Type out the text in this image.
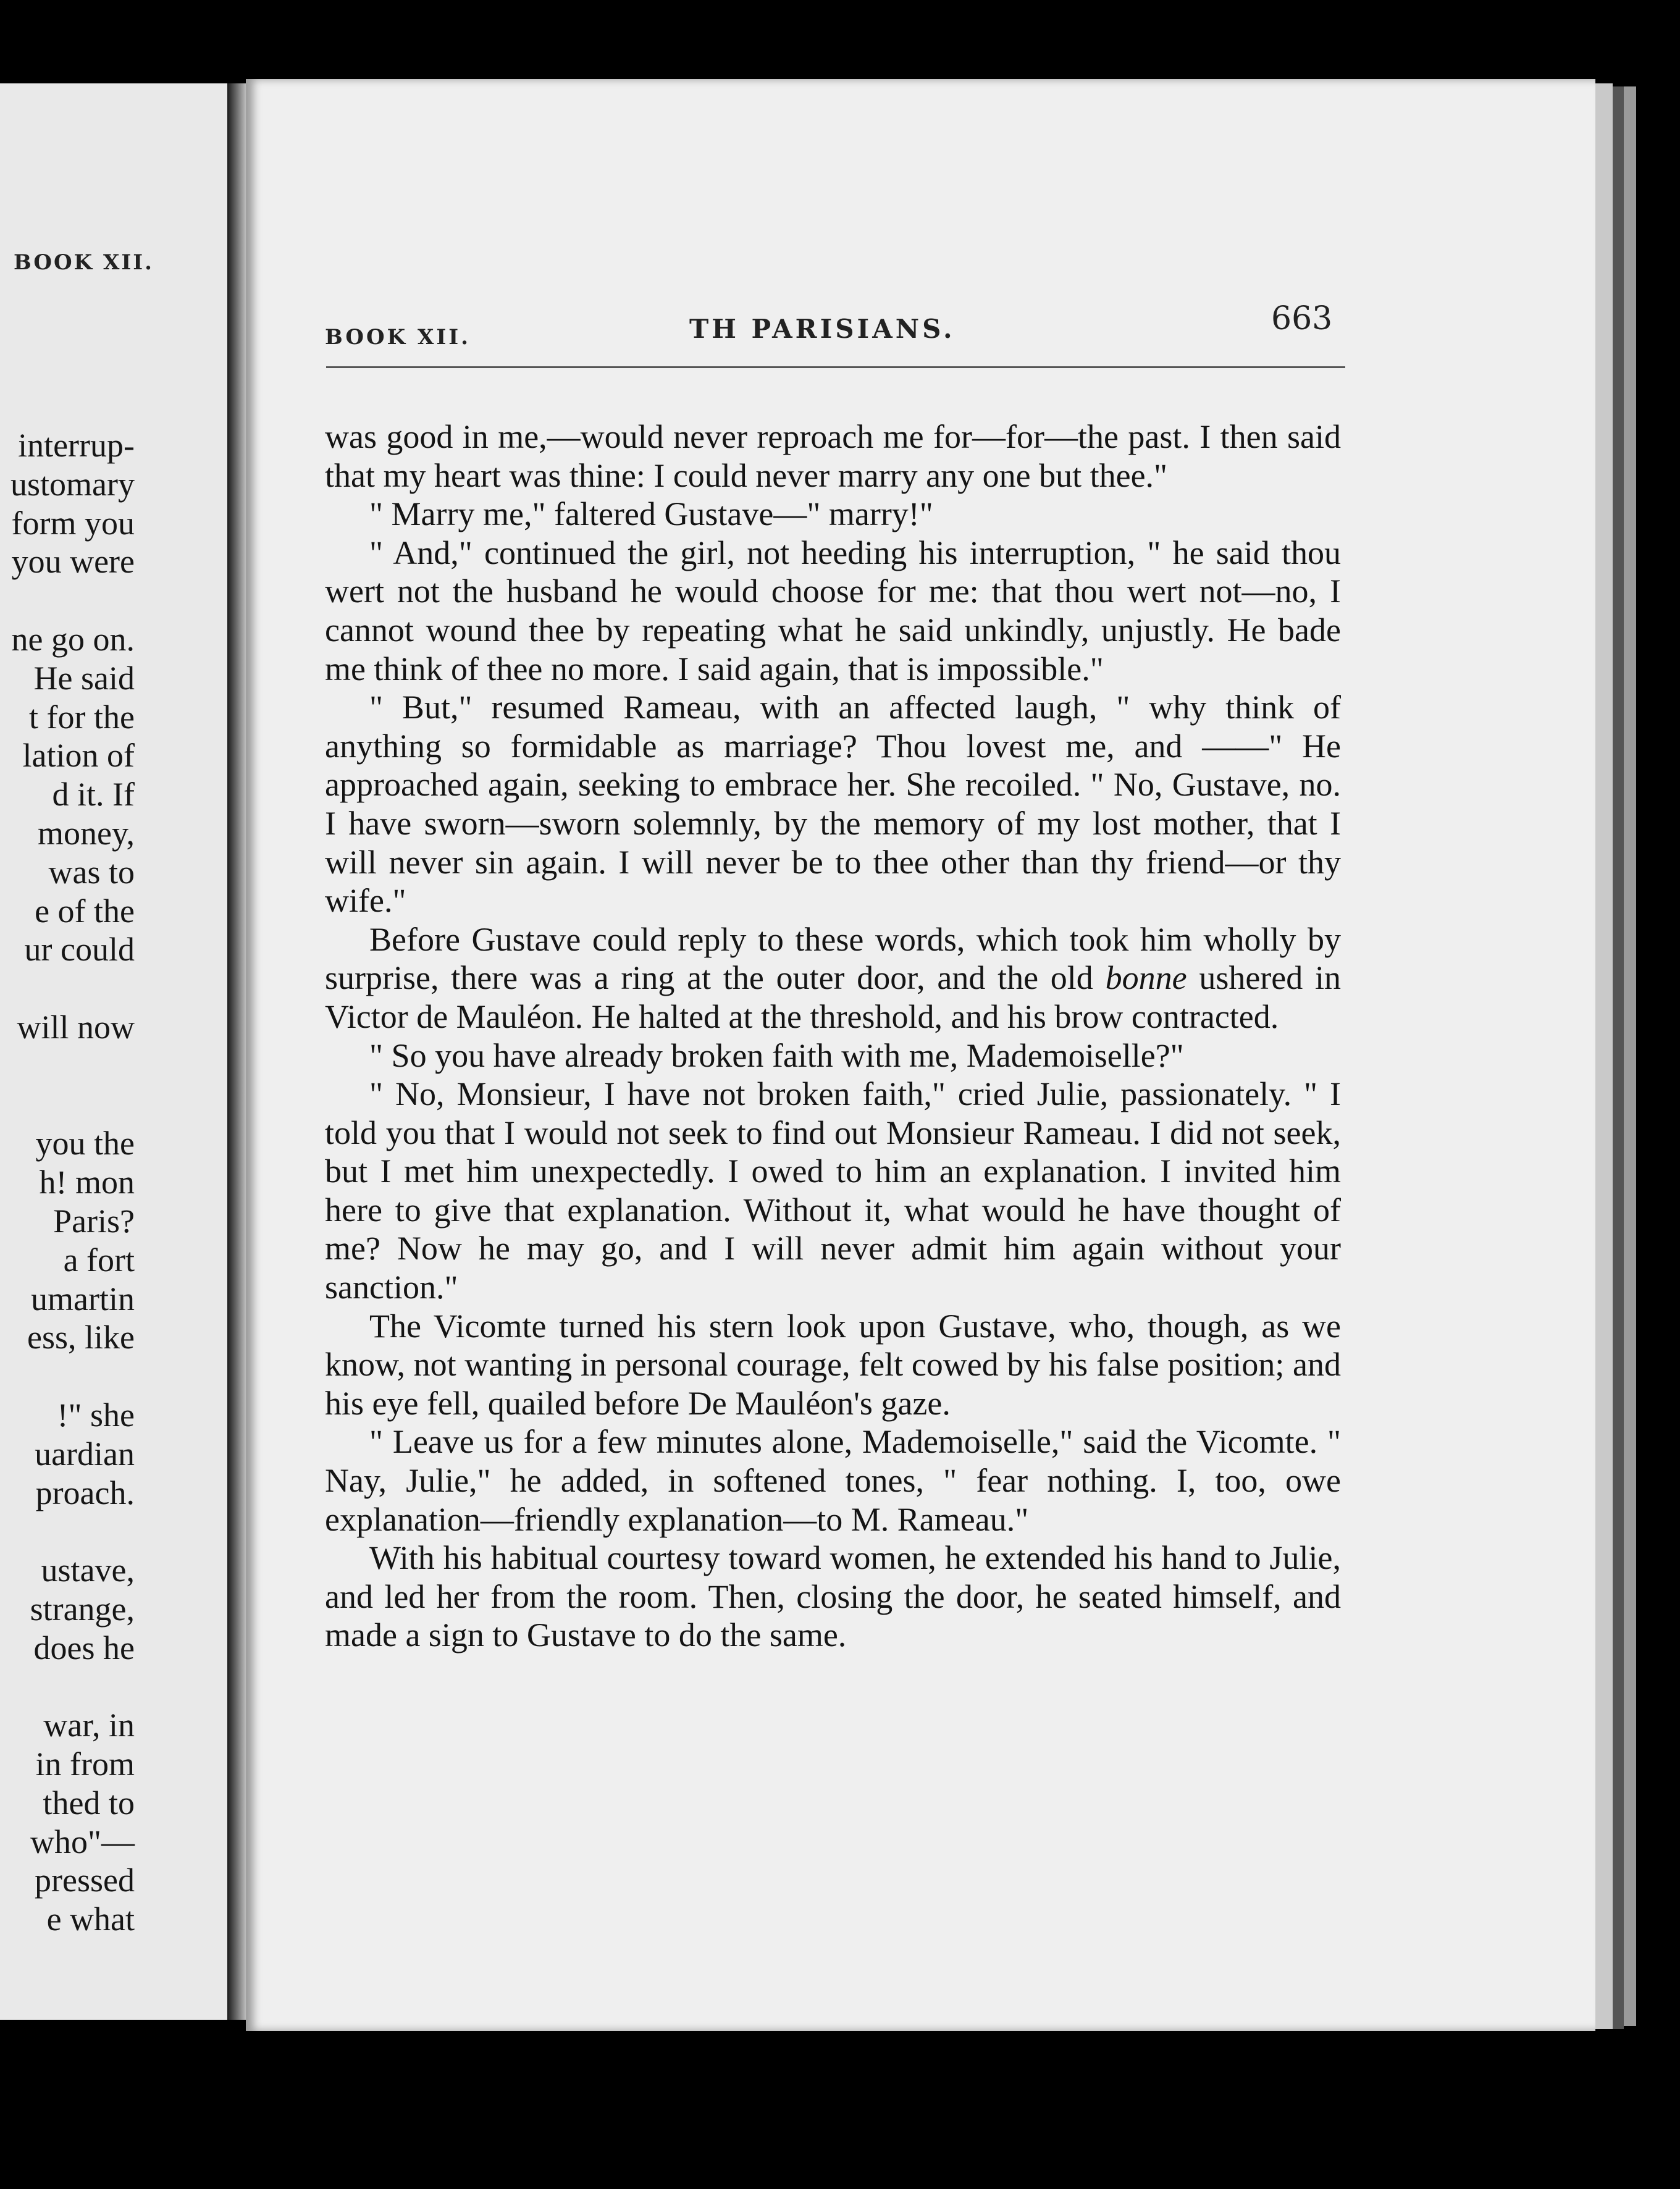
BOOK XII.
interrup-
ustomary
form you
you were
ne go on.
He said
t for the
lation of
d it. If
money,
was to
e of the
ur could
will now
you the
h! mon
Paris?
a fort
umartin
ess, like
!" she
uardian
proach.
ustave,
strange,
does he
war, in
in from
thed to
who"—
pressed
e what
BOOK XII.	TH PARISIANS.	663

was good in me,—would never reproach me for—for—the past. I then said that my heart was thine: I could never marry any one but thee."

" Marry me," faltered Gustave—" marry!"

" And," continued the girl, not heeding his interruption, " he said thou wert not the husband he would choose for me: that thou wert not—no, I cannot wound thee by repeating what he said unkindly, unjustly. He bade me think of thee no more. I said again, that is impossible."

" But," resumed Rameau, with an affected laugh, " why think of anything so formidable as marriage? Thou lovest me, and ——" He approached again, seeking to embrace her. She recoiled. " No, Gustave, no. I have sworn—sworn solemnly, by the memory of my lost mother, that I will never sin again. I will never be to thee other than thy friend—or thy wife."

Before Gustave could reply to these words, which took him wholly by surprise, there was a ring at the outer door, and the old bonne ushered in Victor de Mauléon. He halted at the threshold, and his brow contracted.

" So you have already broken faith with me, Mademoiselle?"

" No, Monsieur, I have not broken faith," cried Julie, passionately. " I told you that I would not seek to find out Monsieur Rameau. I did not seek, but I met him unexpectedly. I owed to him an explanation. I invited him here to give that explanation. Without it, what would he have thought of me? Now he may go, and I will never admit him again without your sanction."

The Vicomte turned his stern look upon Gustave, who, though, as we know, not wanting in personal courage, felt cowed by his false position; and his eye fell, quailed before De Mauléon's gaze.

" Leave us for a few minutes alone, Mademoiselle," said the Vicomte. " Nay, Julie," he added, in softened tones, " fear nothing. I, too, owe explanation—friendly explanation—to M. Rameau."

With his habitual courtesy toward women, he extended his hand to Julie, and led her from the room. Then, closing the door, he seated himself, and made a sign to Gustave to do the same.
